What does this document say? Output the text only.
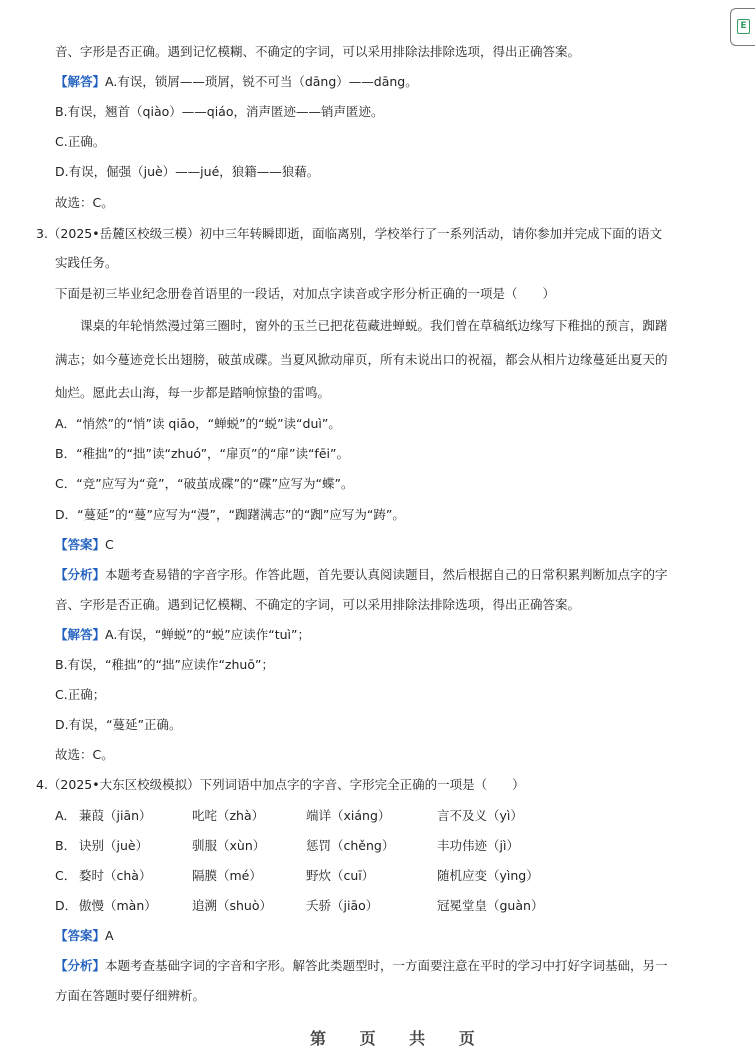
E
音、字形是否正确。遇到记忆模糊、不确定的字词，可以采用排除法排除选项，得出正确答案。
【解答】A.有误，锁屑——琐屑，锐不可当（dāng）——dāng。
B.有误，翘首（qiào）——qiáo，消声匿迹——销声匿迹。
C.正确。
D.有误，倔强（juè）——jué，狼籍——狼藉。
故选：C。
3.（2025•岳麓区校级三模）初中三年转瞬即逝，面临离别，学校举行了一系列活动，请你参加并完成下面的语文
实践任务。
下面是初三毕业纪念册卷首语里的一段话，对加点字读音或字形分析正确的一项是（　　）
课桌的年轮悄然漫过第三圈时，窗外的玉兰已把花苞藏进蝉蜕。我们曾在草稿纸边缘写下稚拙的预言，踟躇
满志；如今蔓迹竞长出翅膀，破茧成碟。当夏风掀动扉页，所有未说出口的祝福，都会从相片边缘蔓延出夏天的
灿烂。愿此去山海，每一步都是踏响惊蛰的雷鸣。
A．“悄然”的“悄”读 qiāo，“蝉蜕”的“蜕”读“duì”。
B．“稚拙”的“拙”读“zhuó”，“扉页”的“扉”读“fēi”。
C．“竞”应写为“竟”，“破茧成碟”的“碟”应写为“蝶”。
D．“蔓延”的“蔓”应写为“漫”，“踟躇满志”的“踟”应写为“踌”。
【答案】C
【分析】本题考查易错的字音字形。作答此题，首先要认真阅读题目，然后根据自己的日常积累判断加点字的字
音、字形是否正确。遇到记忆模糊、不确定的字词，可以采用排除法排除选项，得出正确答案。
【解答】A.有误，“蝉蜕”的“蜕”应读作“tuì”；
B.有误，“稚拙”的“拙”应读作“zhuō”；
C.正确；
D.有误，“蔓延”正确。
故选：C。
4.（2025•大东区校级模拟）下列词语中加点字的字音、字形完全正确的一项是（　　）
A． 蒹葭（jiān）	叱咤（zhà）	端详（xiáng）	言不及义（yì）
B． 诀别（juè）	驯服（xùn）	惩罚（chěng）	丰功伟迹（jì）
C． 婺时（chà）	隔膜（mé）	野炊（cuī）	随机应变（yìng）
D． 傲慢（màn）	追溯（shuò）	夭骄（jiāo）	冠冕堂皇（guàn）
【答案】A
【分析】本题考查基础字词的字音和字形。解答此类题型时，一方面要注意在平时的学习中打好字词基础，另一
方面在答题时要仔细辨析。
第 页 共 页
